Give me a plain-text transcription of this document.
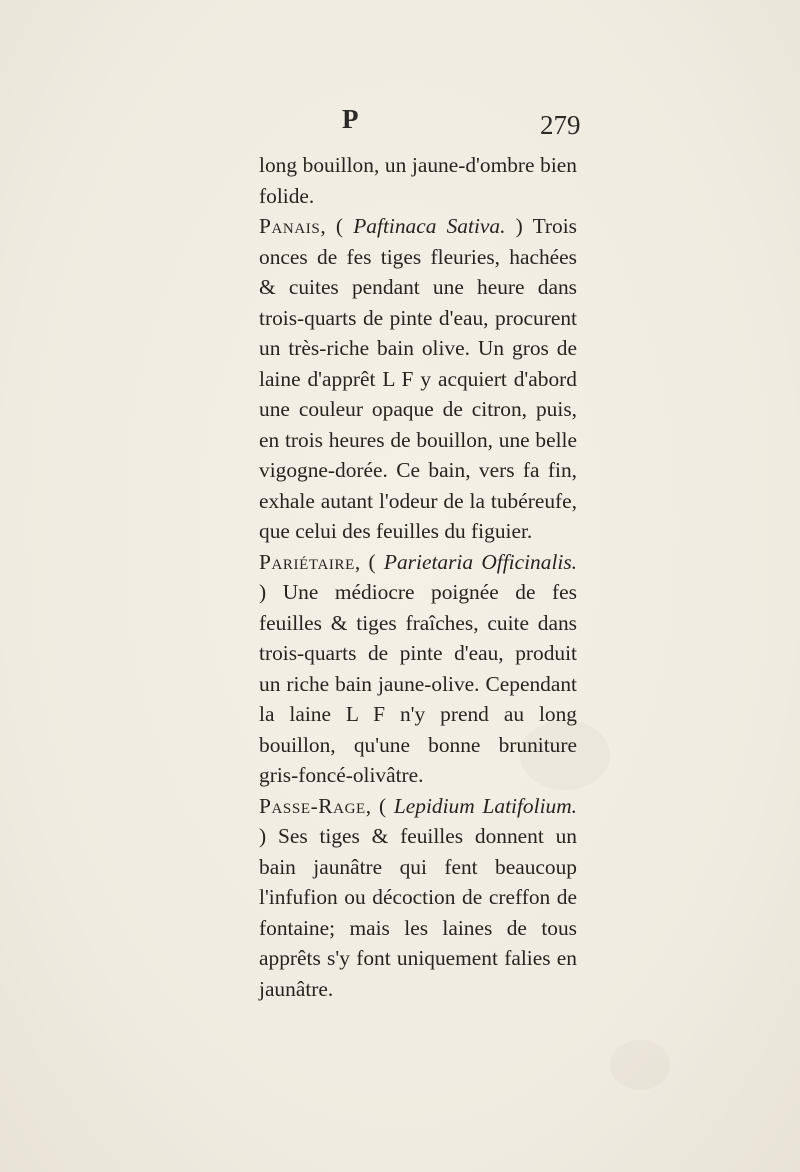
P	279

long bouillon, un jaune-d'ombre bien folide.

Panais, ( Paftinaca Sativa. ) Trois onces de fes tiges fleuries, hachées & cuites pendant une heure dans trois-quarts de pinte d'eau, procurent un très-riche bain olive. Un gros de laine d'apprêt L F y acquiert d'abord une couleur opaque de citron, puis, en trois heures de bouillon, une belle vigogne-dorée. Ce bain, vers fa fin, exhale autant l'odeur de la tubéreufe, que celui des feuilles du figuier.

Pariétaire, ( Parietaria Officinalis. ) Une médiocre poignée de fes feuilles & tiges fraîches, cuite dans trois-quarts de pinte d'eau, produit un riche bain jaune-olive. Cependant la laine L F n'y prend au long bouillon, qu'une bonne bruniture gris-foncé-olivâtre.

Passe-Rage, ( Lepidium Latifolium. ) Ses tiges & feuilles donnent un bain jaunâtre qui fent beaucoup l'infufion ou décoction de creffon de fontaine; mais les laines de tous apprêts s'y font uniquement falies en jaunâtre.
